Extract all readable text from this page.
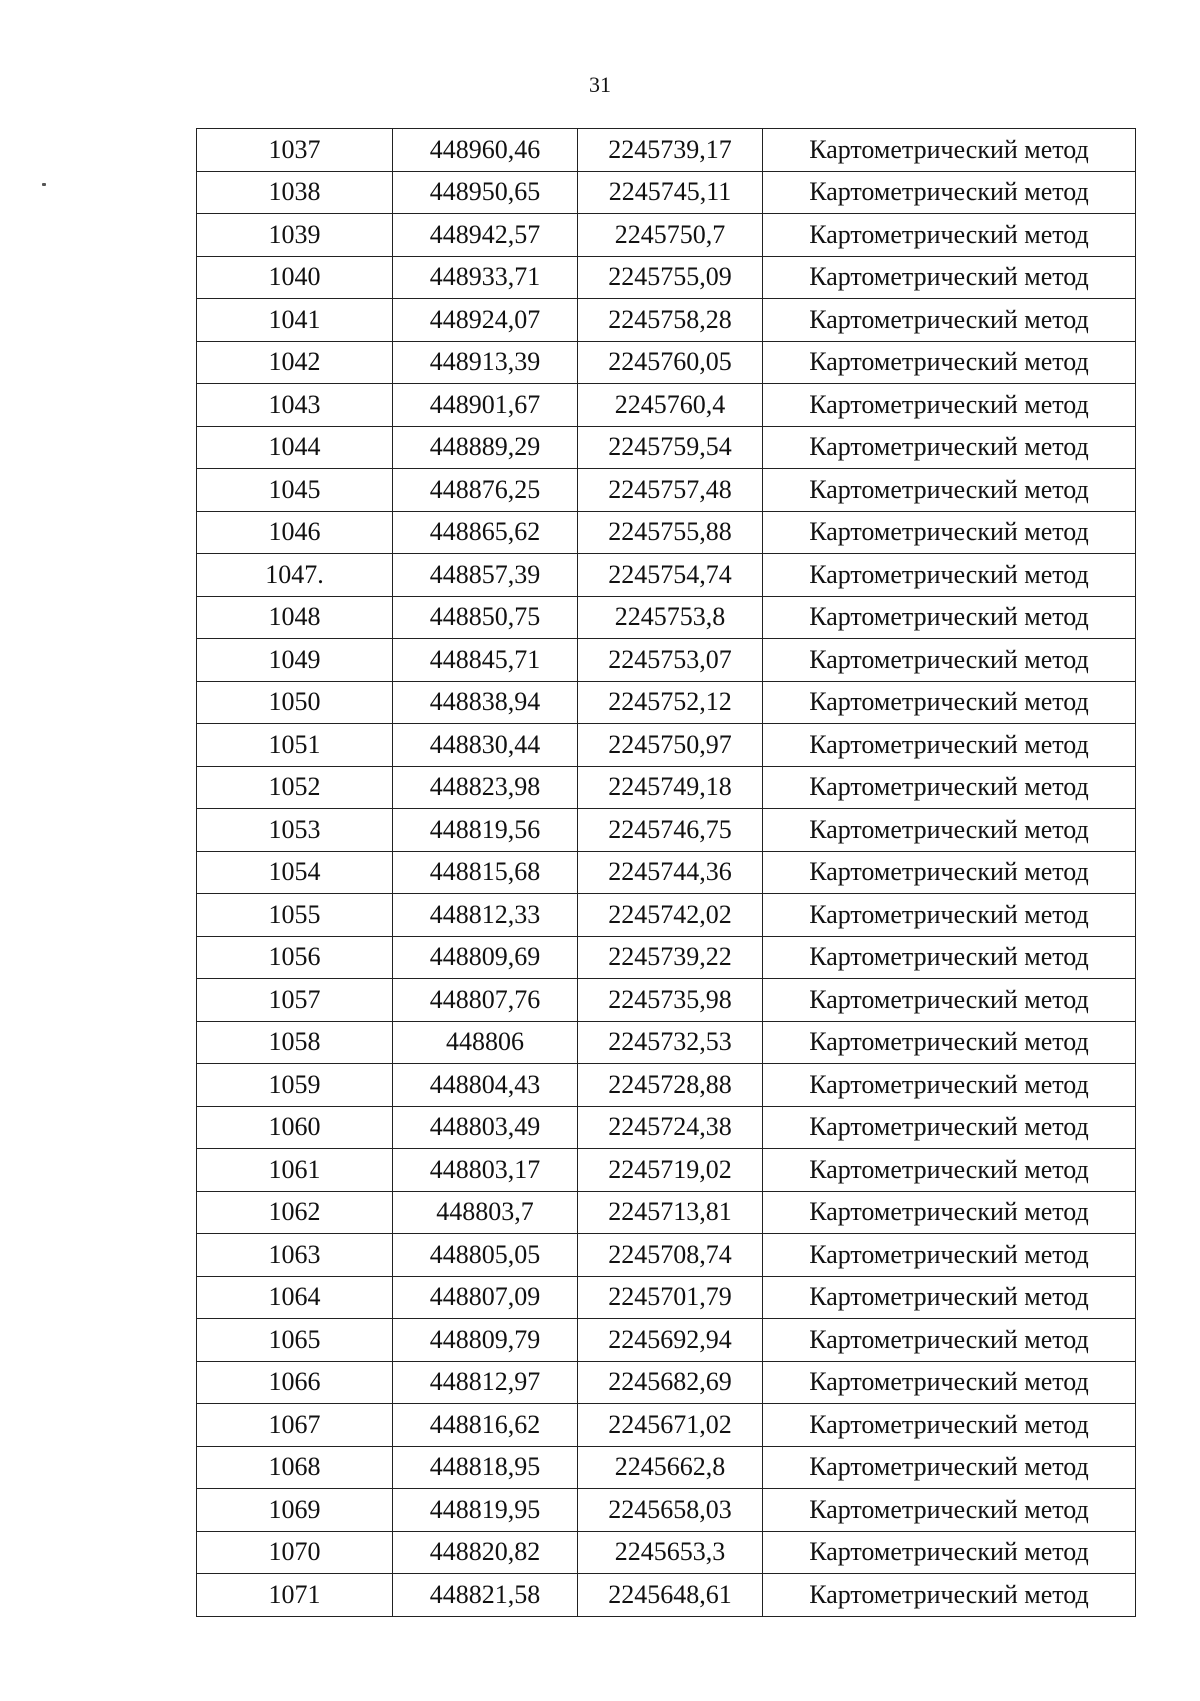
31
1037	448960,46	2245739,17	Картометрический метод
1038	448950,65	2245745,11	Картометрический метод
1039	448942,57	2245750,7	Картометрический метод
1040	448933,71	2245755,09	Картометрический метод
1041	448924,07	2245758,28	Картометрический метод
1042	448913,39	2245760,05	Картометрический метод
1043	448901,67	2245760,4	Картометрический метод
1044	448889,29	2245759,54	Картометрический метод
1045	448876,25	2245757,48	Картометрический метод
1046	448865,62	2245755,88	Картометрический метод
1047.	448857,39	2245754,74	Картометрический метод
1048	448850,75	2245753,8	Картометрический метод
1049	448845,71	2245753,07	Картометрический метод
1050	448838,94	2245752,12	Картометрический метод
1051	448830,44	2245750,97	Картометрический метод
1052	448823,98	2245749,18	Картометрический метод
1053	448819,56	2245746,75	Картометрический метод
1054	448815,68	2245744,36	Картометрический метод
1055	448812,33	2245742,02	Картометрический метод
1056	448809,69	2245739,22	Картометрический метод
1057	448807,76	2245735,98	Картометрический метод
1058	448806	2245732,53	Картометрический метод
1059	448804,43	2245728,88	Картометрический метод
1060	448803,49	2245724,38	Картометрический метод
1061	448803,17	2245719,02	Картометрический метод
1062	448803,7	2245713,81	Картометрический метод
1063	448805,05	2245708,74	Картометрический метод
1064	448807,09	2245701,79	Картометрический метод
1065	448809,79	2245692,94	Картометрический метод
1066	448812,97	2245682,69	Картометрический метод
1067	448816,62	2245671,02	Картометрический метод
1068	448818,95	2245662,8	Картометрический метод
1069	448819,95	2245658,03	Картометрический метод
1070	448820,82	2245653,3	Картометрический метод
1071	448821,58	2245648,61	Картометрический метод
